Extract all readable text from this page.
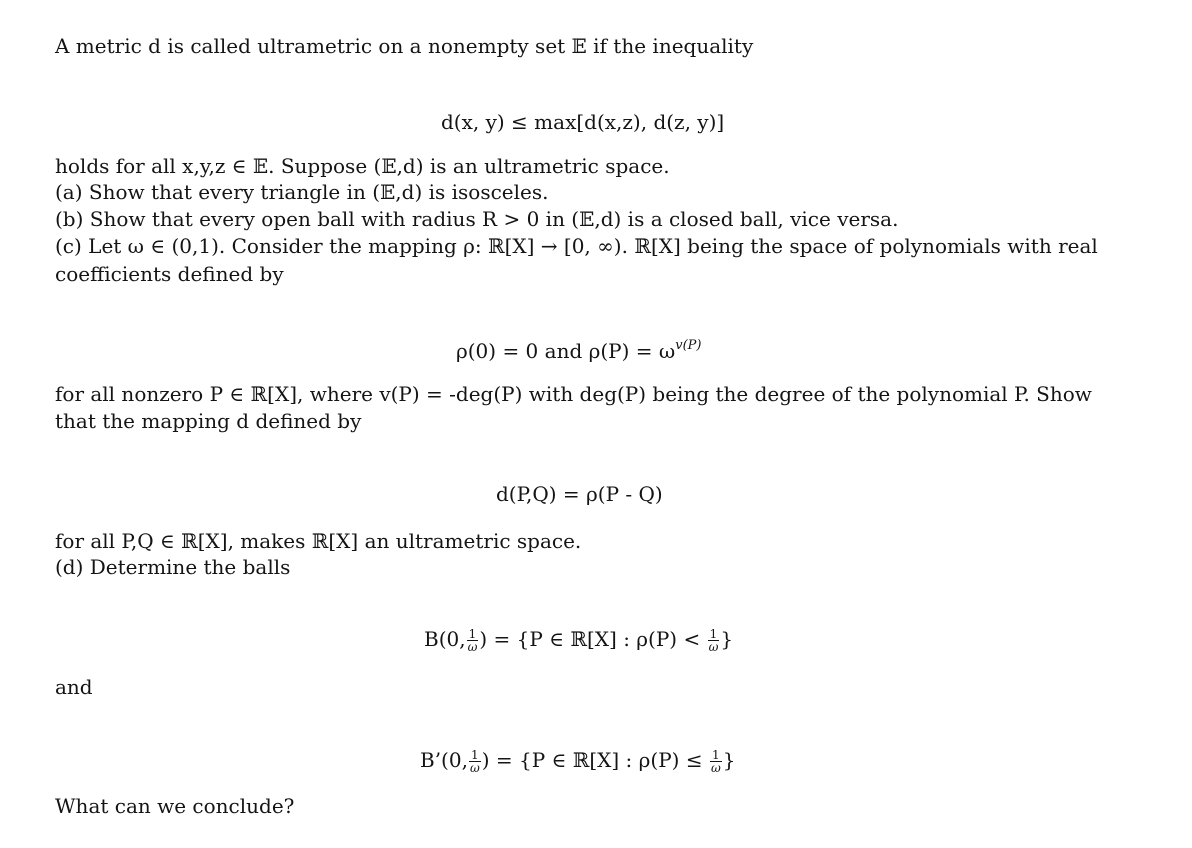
A metric d is called ultrametric on a nonempty set 𝔼 if the inequality
d(x, y) ≤ max[d(x,z), d(z, y)]
holds for all x,y,z ∈ 𝔼. Suppose (𝔼,d) is an ultrametric space.
(a) Show that every triangle in (𝔼,d) is isosceles.
(b) Show that every open ball with radius R > 0 in (𝔼,d) is a closed ball, vice versa.
(c) Let ω ∈ (0,1). Consider the mapping ρ: ℝ[X] → [0, ∞). ℝ[X] being the space of polynomials with real
coefficients defined by
ρ(0) = 0 and $\rho(P) = \omega^{v(P)}$
for all nonzero P ∈ ℝ[X], where v(P) = -deg(P) with deg(P) being the degree of the polynomial P. Show
that the mapping d defined by
d(P,Q) = ρ(P - Q)
for all P,Q ∈ ℝ[X], makes ℝ[X] an ultrametric space.
(d) Determine the balls
B(0, $\frac{1}{\omega}$ ) = {P ∈ ℝ[X] : $\rho(P) < \frac{1}{\omega}$ }
and
B’(0, $\frac{1}{\omega}$ ) = {P ∈ ℝ[X] : $\rho(P) \le \frac{1}{\omega}$ }
What can we conclude?
